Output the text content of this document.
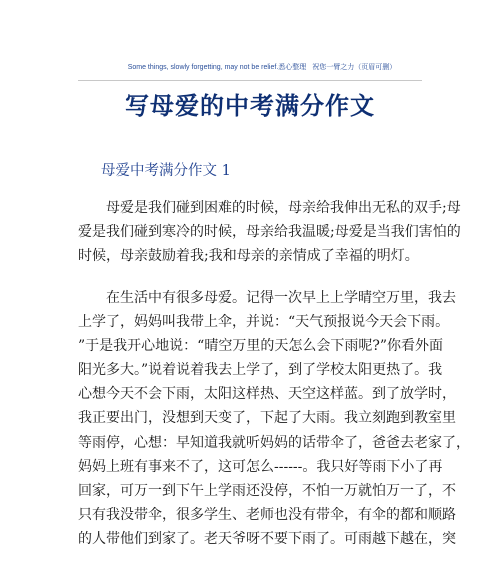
Some things, slowly forgetting, may not be relief.悉心整理 祝您一臂之力（页眉可删）
写母爱的中考满分作文
母爱中考满分作文 1
　　母爱是我们碰到困难的时候，母亲给我伸出无私的双手;母
爱是我们碰到寒冷的时候，母亲给我温暖;母爱是当我们害怕的
时候，母亲鼓励着我;我和母亲的亲情成了幸福的明灯。
　　在生活中有很多母爱。记得一次早上上学晴空万里，我去
上学了，妈妈叫我带上伞，并说：“天气预报说今天会下雨。
”于是我开心地说：“晴空万里的天怎么会下雨呢?”你看外面
阳光多大。”说着说着我去上学了，到了学校太阳更热了。我
心想今天不会下雨，太阳这样热、天空这样蓝。到了放学时，
我正要出门，没想到天变了，下起了大雨。我立刻跑到教室里
等雨停，心想：早知道我就听妈妈的话带伞了，爸爸去老家了，
妈妈上班有事来不了，这可怎么------。我只好等雨下小了再
回家，可万一到下午上学雨还没停，不怕一万就怕万一了，不
只有我没带伞，很多学生、老师也没有带伞，有伞的都和顺路
的人带他们到家了。老天爷呀不要下雨了。可雨越下越在，突
